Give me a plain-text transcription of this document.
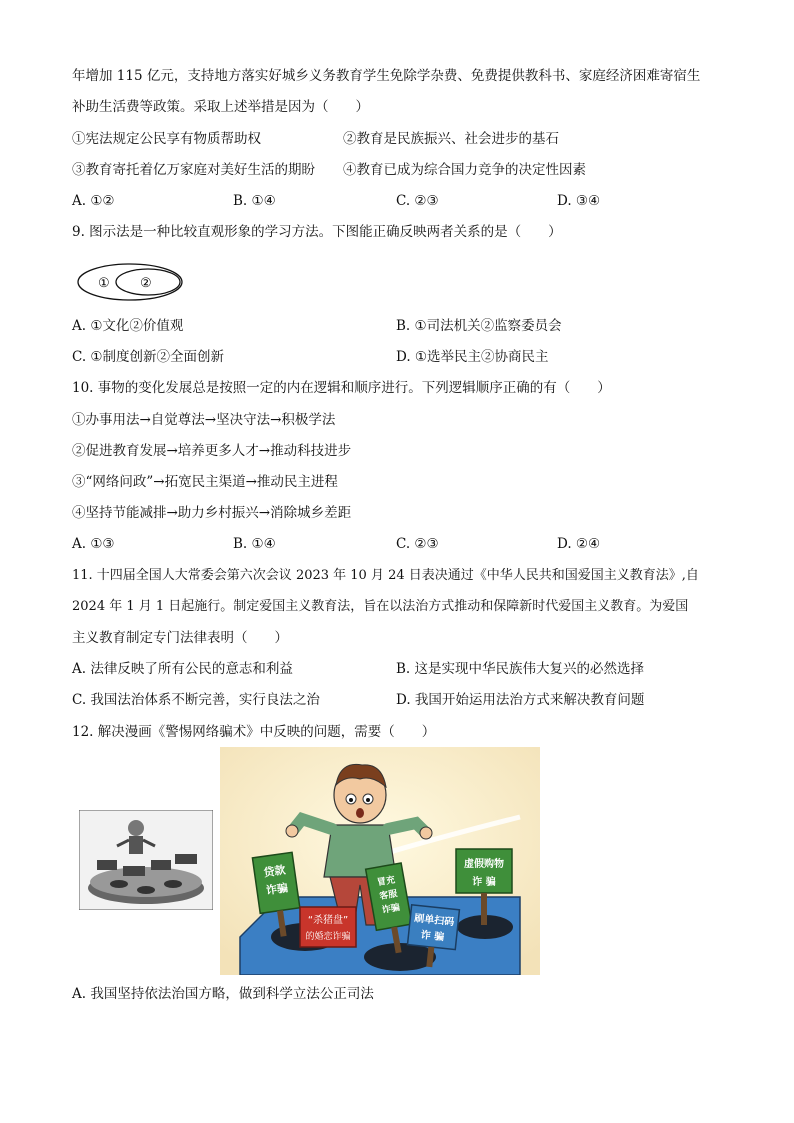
年增加 115 亿元，支持地方落实好城乡义务教育学生免除学杂费、免费提供教科书、家庭经济困难寄宿生
补助生活费等政策。采取上述举措是因为（　　）
①宪法规定公民享有物质帮助权	②教育是民族振兴、社会进步的基石
③教育寄托着亿万家庭对美好生活的期盼 ④教育已成为综合国力竞争的决定性因素
A. ①②	B. ①④	C. ②③	D. ③④
9. 图示法是一种比较直观形象的学习方法。下图能正确反映两者关系的是（　　）
① ②
A. ①文化②价值观	B. ①司法机关②监察委员会
C. ①制度创新②全面创新	D. ①选举民主②协商民主
10. 事物的变化发展总是按照一定的内在逻辑和顺序进行。下列逻辑顺序正确的有（　　）
①办事用法→自觉尊法→坚决守法→积极学法
②促进教育发展→培养更多人才→推动科技进步
③“网络问政”→拓宽民主渠道→推动民主进程
④坚持节能减排→助力乡村振兴→消除城乡差距
A. ①③	B. ①④	C. ②③	D. ②④
11. 十四届全国人大常委会第六次会议 2023 年 10 月 24 日表决通过《中华人民共和国爱国主义教育法》,自
2024 年 1 月 1 日起施行。制定爱国主义教育法，旨在以法治方式推动和保障新时代爱国主义教育。为爱国
主义教育制定专门法律表明（　　）
A. 法律反映了所有公民的意志和利益	B. 这是实现中华民族伟大复兴的必然选择
C. 我国法治体系不断完善，实行良法之治	D. 我国开始运用法治方式来解决教育问题
12. 解决漫画《警惕网络骗术》中反映的问题，需要（　　）
贷款
诈骗	冒充
客服
诈骗
“杀猪盘”
的婚恋诈骗
刷单扫码
诈 骗
虚假购物
诈 骗
A. 我国坚持依法治国方略，做到科学立法公正司法
